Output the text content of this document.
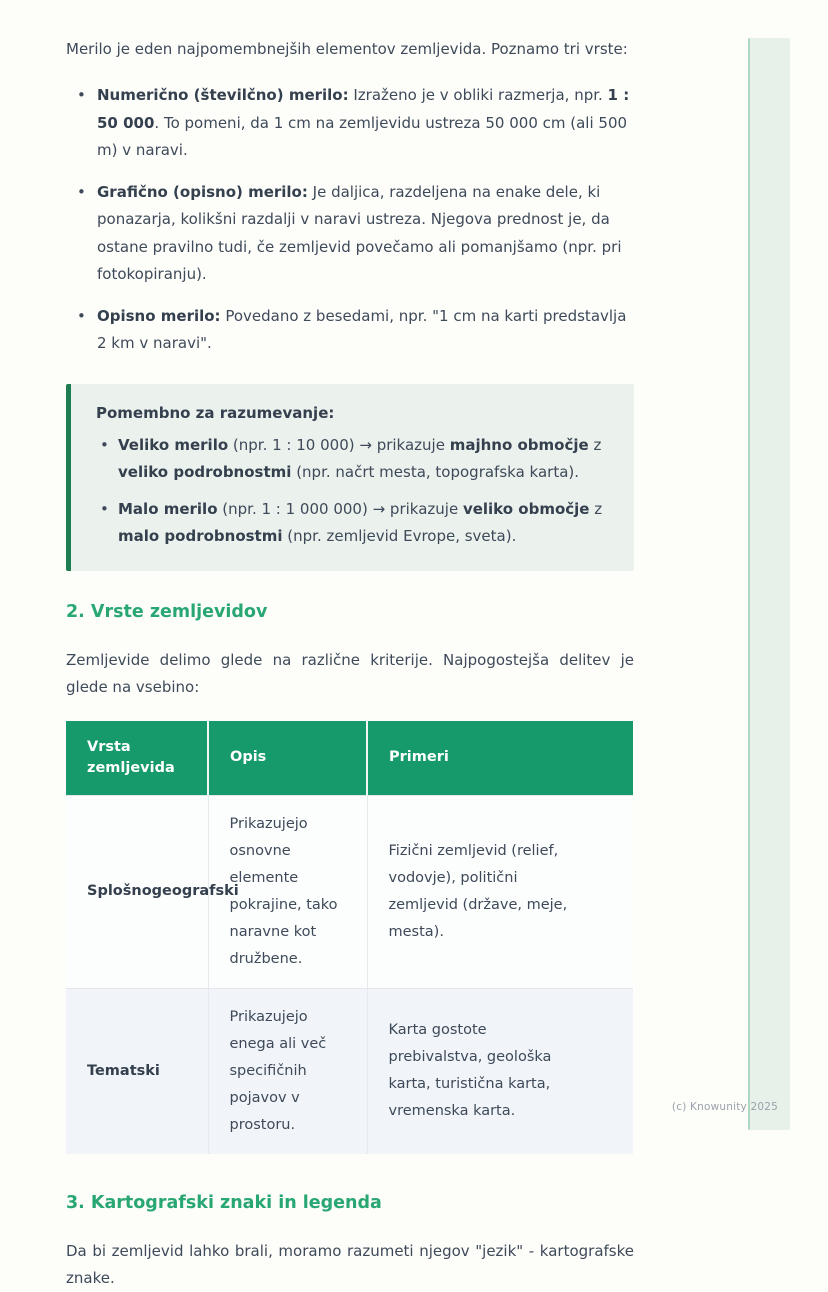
Merilo je eden najpomembnejših elementov zemljevida. Poznamo tri vrste:

• Numerično (številčno) merilo: Izraženo je v obliki razmerja, npr. 1 : 50 000. To pomeni, da 1 cm na zemljevidu ustreza 50 000 cm (ali 500 m) v naravi.
• Grafično (opisno) merilo: Je daljica, razdeljena na enake dele, ki ponazarja, kolikšni razdalji v naravi ustreza. Njegova prednost je, da ostane pravilno tudi, če zemljevid povečamo ali pomanjšamo (npr. pri fotokopiranju).
• Opisno merilo: Povedano z besedami, npr. "1 cm na karti predstavlja 2 km v naravi".
Pomembno za razumevanje:
• Veliko merilo (npr. 1 : 10 000) → prikazuje majhno območje z veliko podrobnostmi (npr. načrt mesta, topografska karta).
• Malo merilo (npr. 1 : 1 000 000) → prikazuje veliko območje z malo podrobnostmi (npr. zemljevid Evrope, sveta).
2. Vrste zemljevidov

Zemljevide delimo glede na različne kriterije. Najpogostejša delitev je glede na vsebino:

Vrsta zemljevida	Opis	Primeri
Splošnogeografski	Prikazujejo osnovne elemente pokrajine, tako naravne kot družbene.	Fizični zemljevid (relief, vodovje), politični zemljevid (države, meje, mesta).
Tematski	Prikazujejo enega ali več specifičnih pojavov v prostoru.	Karta gostote prebivalstva, geološka karta, turistična karta, vremenska karta.
3. Kartografski znaki in legenda

Da bi zemljevid lahko brali, moramo razumeti njegov "jezik" - kartografske znake.

(c) Knowunity 2025
